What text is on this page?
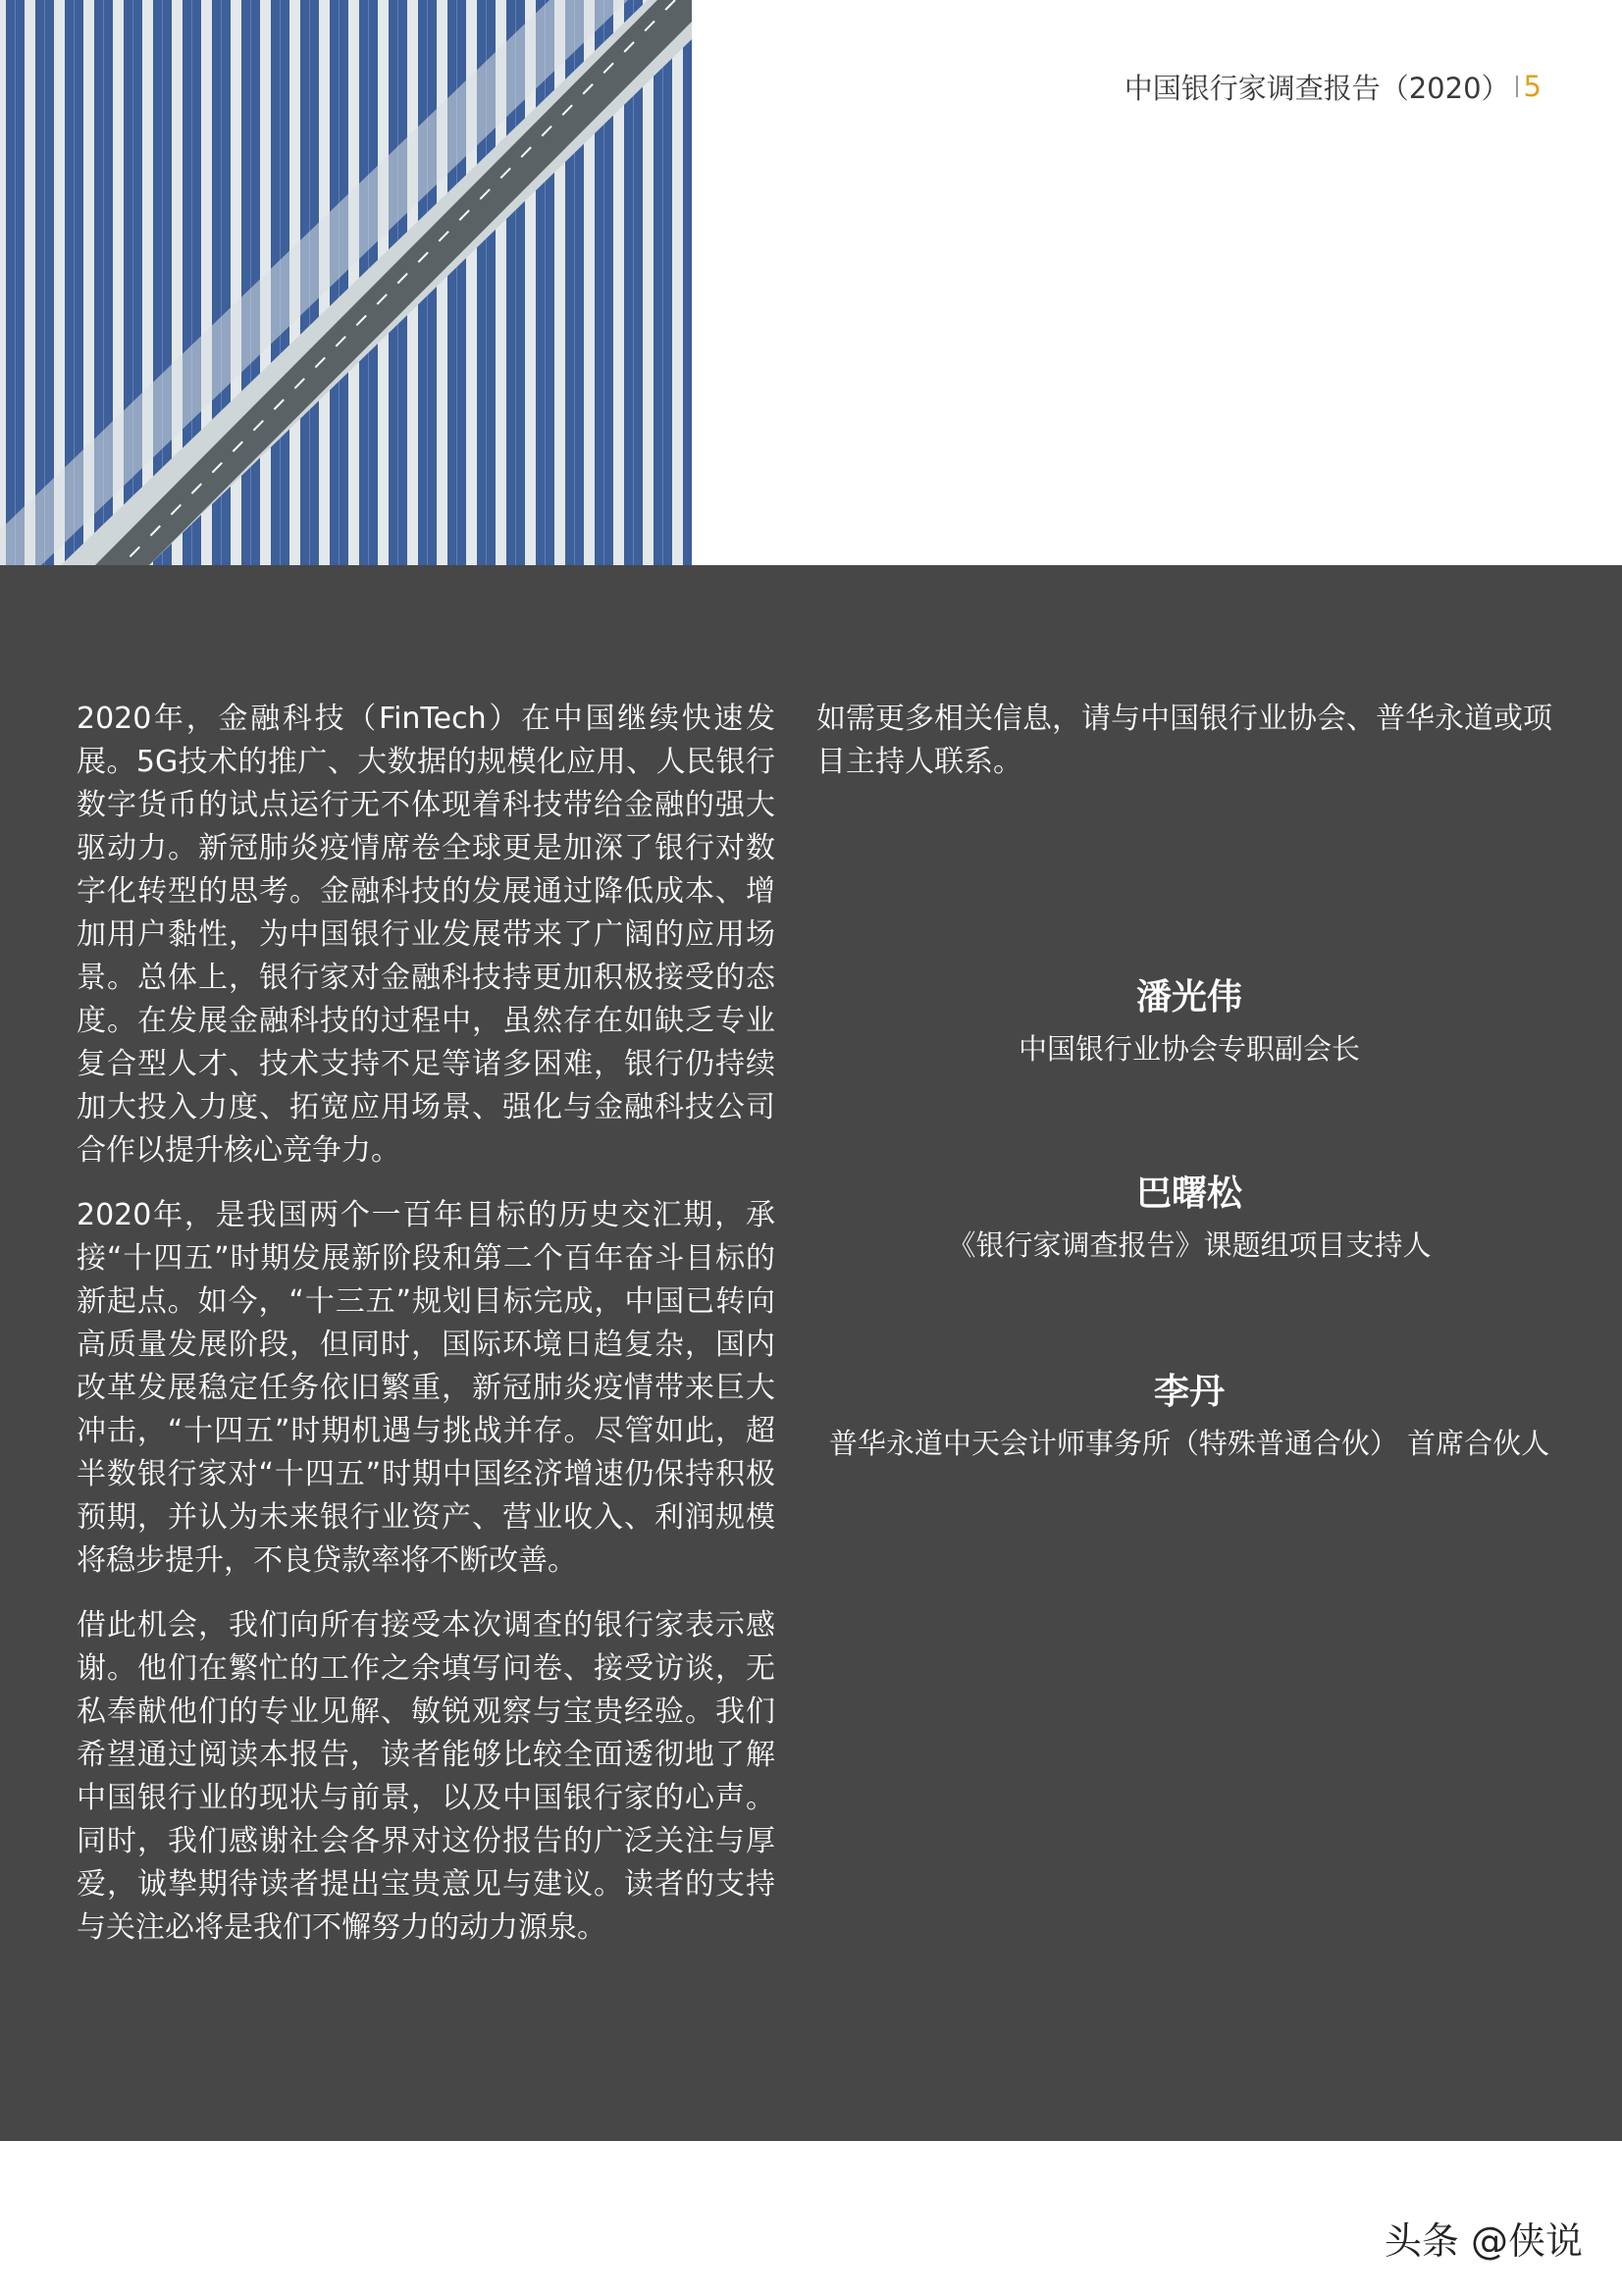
中国银行家调查报告（2020） 5

2020年，金融科技（FinTech）在中国继续快速发展。5G技术的推广、大数据的规模化应用、人民银行数字货币的试点运行无不体现着科技带给金融的强大驱动力。新冠肺炎疫情席卷全球更是加深了银行对数字化转型的思考。金融科技的发展通过降低成本、增加用户黏性，为中国银行业发展带来了广阔的应用场景。总体上，银行家对金融科技持更加积极接受的态度。在发展金融科技的过程中，虽然存在如缺乏专业复合型人才、技术支持不足等诸多困难，银行仍持续加大投入力度、拓宽应用场景、强化与金融科技公司合作以提升核心竞争力。

2020年，是我国两个一百年目标的历史交汇期，承接“十四五”时期发展新阶段和第二个百年奋斗目标的新起点。如今，“十三五”规划目标完成，中国已转向高质量发展阶段，但同时，国际环境日趋复杂，国内改革发展稳定任务依旧繁重，新冠肺炎疫情带来巨大冲击，“十四五”时期机遇与挑战并存。尽管如此，超半数银行家对“十四五”时期中国经济增速仍保持积极预期，并认为未来银行业资产、营业收入、利润规模将稳步提升，不良贷款率将不断改善。

借此机会，我们向所有接受本次调查的银行家表示感谢。他们在繁忙的工作之余填写问卷、接受访谈，无私奉献他们的专业见解、敏锐观察与宝贵经验。我们希望通过阅读本报告，读者能够比较全面透彻地了解中国银行业的现状与前景，以及中国银行家的心声。同时，我们感谢社会各界对这份报告的广泛关注与厚爱，诚挚期待读者提出宝贵意见与建议。读者的支持与关注必将是我们不懈努力的动力源泉。

如需更多相关信息，请与中国银行业协会、普华永道或项目主持人联系。

潘光伟
中国银行业协会专职副会长
巴曙松
《银行家调查报告》课题组项目支持人
李丹
普华永道中天会计师事务所（特殊普通合伙） 首席合伙人
头条 @侠说
